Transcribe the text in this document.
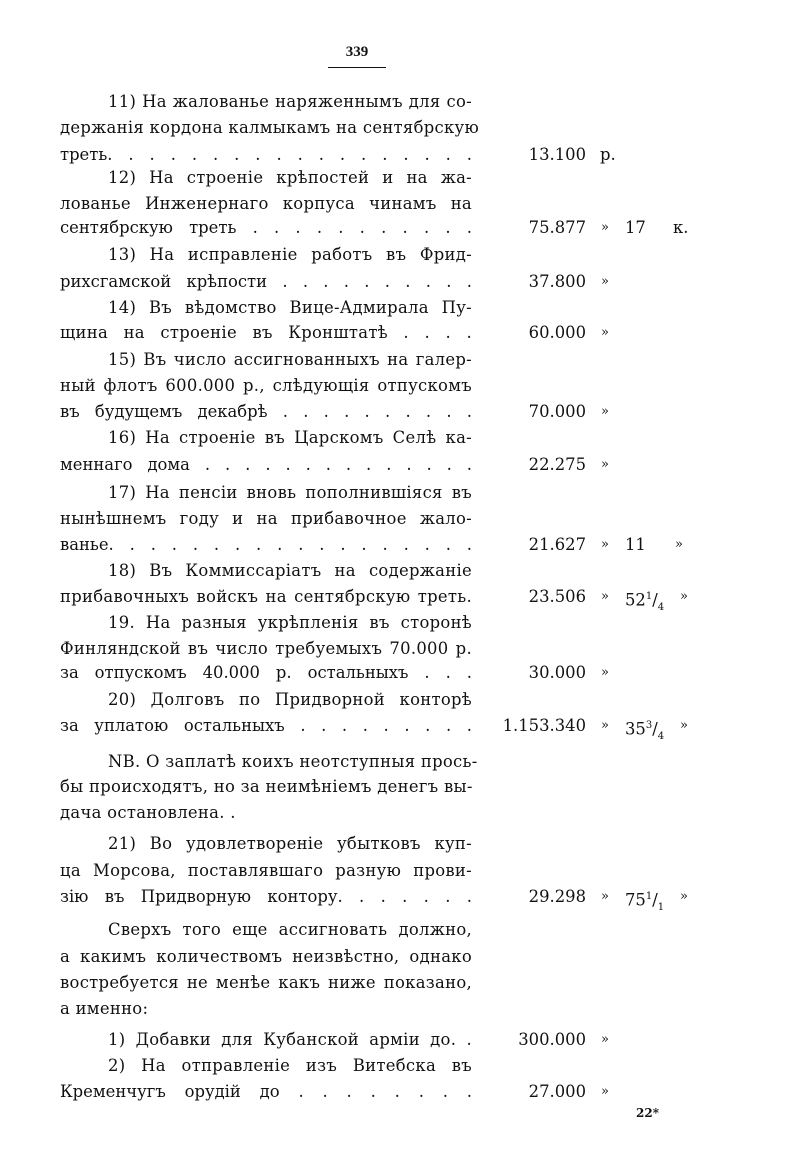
339
11) На жалованье наряженнымъ для со-
держанія кордона калмыкамъ на сентябрскую
треть. . . . . . . . . . . . . . . . . .
12) На строеніе крѣпостей и на жа-
лованье Инженернаго корпуса чинамъ на
сентябрскую треть . . . . . . . . . . .
13) На исправленіе работъ въ Фрид-
рихсгамской крѣпости . . . . . . . . . .
14) Въ вѣдомство Вице-Адмирала Пу-
щина на строеніе въ Кронштатѣ . . . .
15) Въ число ассигнованныхъ на галер-
ный флотъ 600.000 р., слѣдующія отпускомъ
въ будущемъ декабрѣ . . . . . . . . . .
16) На строеніе въ Царскомъ Селѣ ка-
меннаго дома . . . . . . . . . . . . . .
17) На пенсіи вновь пополнившіяся въ
нынѣшнемъ году и на прибавочное жало-
ванье. . . . . . . . . . . . . . . . . .
18) Въ Коммиссаріатъ на содержаніе
прибавочныхъ войскъ на сентябрскую треть.
19. На разныя укрѣпленія въ сторонѣ
Финляндской въ число требуемыхъ 70.000 р.
за отпускомъ 40.000 р. остальныхъ . . .
20) Долговъ по Придворной конторѣ
за уплатою остальныхъ . . . . . . . . .
NB. О заплатѣ коихъ неотступныя прось-
бы происходятъ, но за неимѣніемъ денегъ вы-
дача остановлена. .
21) Во удовлетвореніе убытковъ куп-
ца Морсова, поставлявшаго разную прови-
зію въ Придворную контору. . . . . . .
Сверхъ того еще ассигновать должно,
а какимъ количествомъ неизвѣстно, однако
востребуется не менѣе какъ ниже показано,
а именно:
1) Добавки для Кубанской арміи до. .
2) На отправленіе изъ Витебска въ
Кременчугъ орудій до . . . . . . . .
13.100 р.
75.877 » 17 к.
37.800 »
60.000 »
70.000 »
22.275 »
21.627 » 11 »
23.506 » $52^1/_4$
»
30.000 »
1.153.340 » $35^3/_4$
»
29.298 » $75^1/_1$
»
300.000 »
27.000 »
22*
